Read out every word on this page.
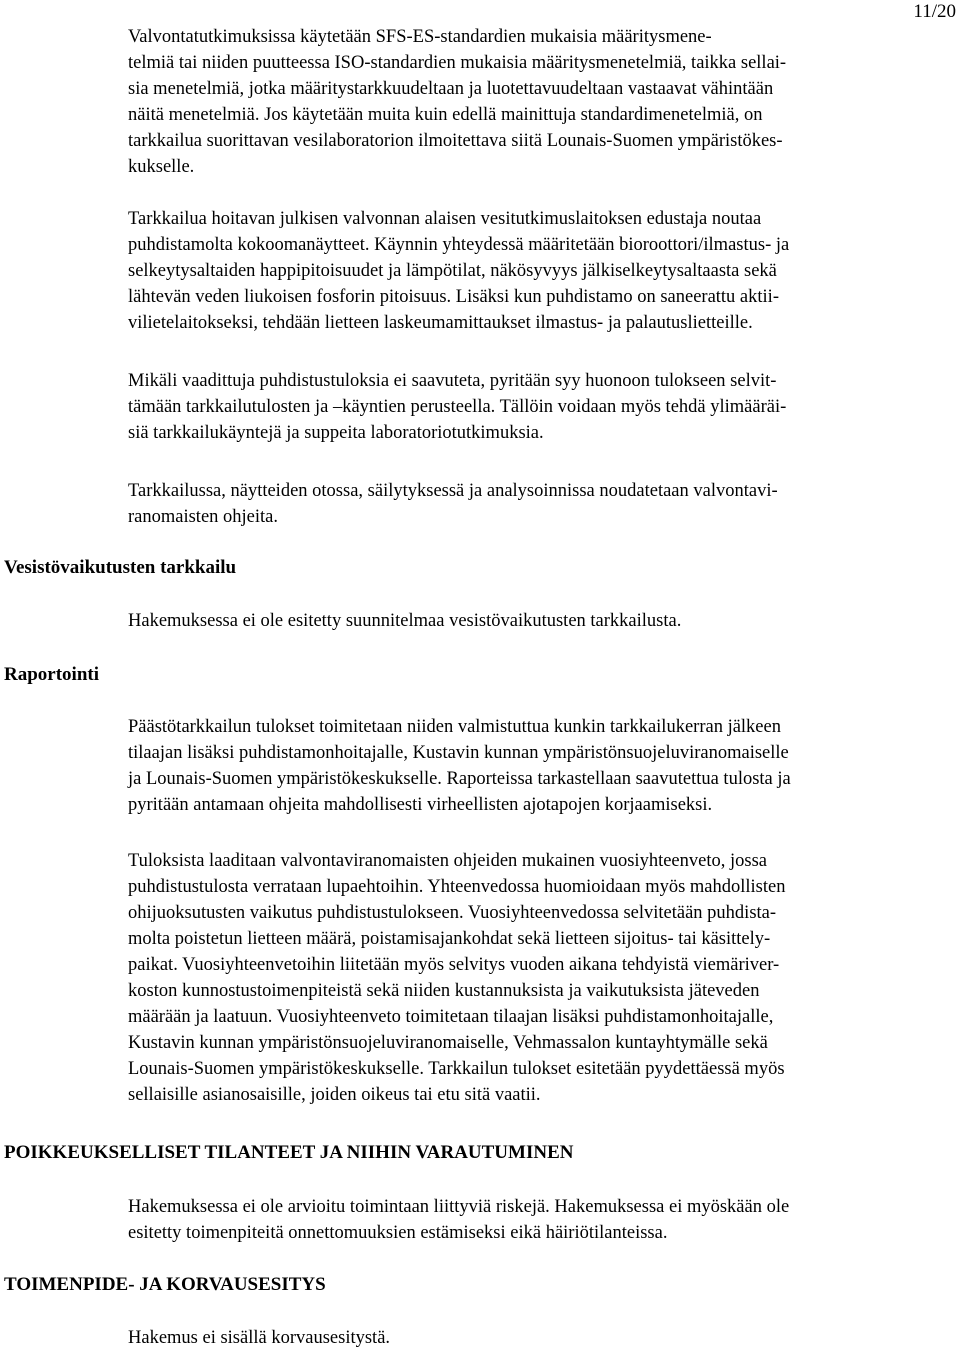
11/20

Valvontatutkimuksissa käytetään SFS-ES-standardien mukaisia määritysmene-
telmiä tai niiden puutteessa ISO-standardien mukaisia määritysmenetelmiä, taikka sellai-
sia menetelmiä, jotka määritystarkkuudeltaan ja luotettavuudeltaan vastaavat vähintään
näitä menetelmiä. Jos käytetään muita kuin edellä mainittuja standardimenetelmiä, on
tarkkailua suorittavan vesilaboratorion ilmoitettava siitä Lounais-Suomen ympäristökes-
kukselle.

Tarkkailua hoitavan julkisen valvonnan alaisen vesitutkimuslaitoksen edustaja noutaa
puhdistamolta kokoomanäytteet. Käynnin yhteydessä määritetään bioroottori/ilmastus- ja
selkeytysaltaiden happipitoisuudet ja lämpötilat, näkösyvyys jälkiselkeytysaltaasta sekä
lähtevän veden liukoisen fosforin pitoisuus. Lisäksi kun puhdistamo on saneerattu aktii-
vilietelaitokseksi, tehdään lietteen laskeumamittaukset ilmastus- ja palautuslietteille.

Mikäli vaadittuja puhdistustuloksia ei saavuteta, pyritään syy huonoon tulokseen selvit-
tämään tarkkailutulosten ja –käyntien perusteella. Tällöin voidaan myös tehdä ylimääräi-
siä tarkkailukäyntejä ja suppeita laboratoriotutkimuksia.

Tarkkailussa, näytteiden otossa, säilytyksessä ja analysoinnissa noudatetaan valvontavi-
ranomaisten ohjeita.

Vesistövaikutusten tarkkailu

Hakemuksessa ei ole esitetty suunnitelmaa vesistövaikutusten tarkkailusta.

Raportointi

Päästötarkkailun tulokset toimitetaan niiden valmistuttua kunkin tarkkailukerran jälkeen
tilaajan lisäksi puhdistamonhoitajalle, Kustavin kunnan ympäristönsuojeluviranomaiselle
ja Lounais-Suomen ympäristökeskukselle. Raporteissa tarkastellaan saavutettua tulosta ja
pyritään antamaan ohjeita mahdollisesti virheellisten ajotapojen korjaamiseksi.

Tuloksista laaditaan valvontaviranomaisten ohjeiden mukainen vuosiyhteenveto, jossa
puhdistustulosta verrataan lupaehtoihin. Yhteenvedossa huomioidaan myös mahdollisten
ohijuoksutusten vaikutus puhdistustulokseen. Vuosiyhteenvedossa selvitetään puhdista-
molta poistetun lietteen määrä, poistamisajankohdat sekä lietteen sijoitus- tai käsittely-
paikat. Vuosiyhteenvetoihin liitetään myös selvitys vuoden aikana tehdyistä viemäriver-
koston kunnostustoimenpiteistä sekä niiden kustannuksista ja vaikutuksista jäteveden
määrään ja laatuun. Vuosiyhteenveto toimitetaan tilaajan lisäksi puhdistamonhoitajalle,
Kustavin kunnan ympäristönsuojeluviranomaiselle, Vehmassalon kuntayhtymälle sekä
Lounais-Suomen ympäristökeskukselle. Tarkkailun tulokset esitetään pyydettäessä myös
sellaisille asianosaisille, joiden oikeus tai etu sitä vaatii.

POIKKEUKSELLISET TILANTEET JA NIIHIN VARAUTUMINEN

Hakemuksessa ei ole arvioitu toimintaan liittyviä riskejä. Hakemuksessa ei myöskään ole
esitetty toimenpiteitä onnettomuuksien estämiseksi eikä häiriötilanteissa.

TOIMENPIDE- JA KORVAUSESITYS

Hakemus ei sisällä korvausesitystä.
